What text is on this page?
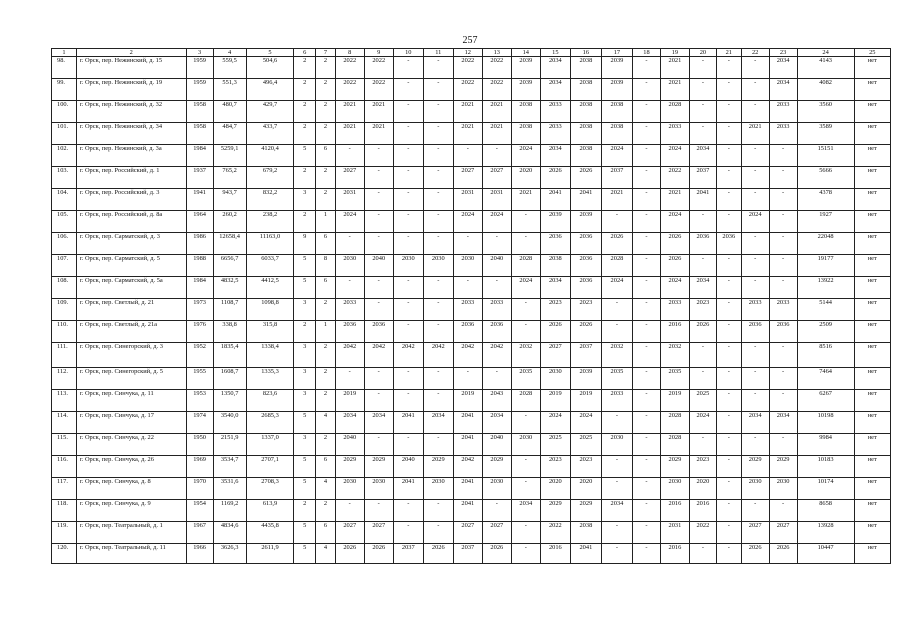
257
1	2	3	4	5	6	7	8	9	10	11	12	13	14	15	16	17	18	19	20	21	22	23	24	25
98.	г. Орск, пер. Нежинский, д. 15	1959	559,5	504,6	2	2	2022	2022	-	-	2022	2022	2039	2034	2038	2039	-	2021	-	-	-	2034	4143	нет
99.	г. Орск, пер. Нежинский, д. 19	1959	551,3	496,4	2	2	2022	2022	-	-	2022	2022	2039	2034	2038	2039	-	2021	-	-	-	2034	4082	нет
100.	г. Орск, пер. Нежинский, д. 32	1958	480,7	429,7	2	2	2021	2021	-	-	2021	2021	2038	2033	2038	2038	-	2028	-	-	-	2033	3560	нет
101.	г. Орск, пер. Нежинский, д. 34	1958	484,7	433,7	2	2	2021	2021	-	-	2021	2021	2038	2033	2038	2038	-	2033	-	-	2021	2033	3589	нет
102.	г. Орск, пер. Нежинский, д. 3а	1984	5259,1	4120,4	5	6	-	-	-	-	-	-	2024	2034	2038	2024	-	2024	2034	-	-	-	15151	нет
103.	г. Орск, пер. Российский, д. 1	1937	765,2	679,2	2	2	2027	-	-	-	2027	2027	2020	2026	2026	2037	-	2022	2037	-	-	-	5666	нет
104.	г. Орск, пер. Российский, д. 3	1941	943,7	832,2	3	2	2031	-	-	-	2031	2031	2021	2041	2041	2021	-	2021	2041	-	-	-	4378	нет
105.	г. Орск, пер. Российский, д. 8а	1964	260,2	238,2	2	1	2024	-	-	-	2024	2024	-	2039	2039	-	-	2024	-	-	2024	-	1927	нет
106.	г. Орск, пер. Сарматский, д. 3	1986	12658,4	11163,0	9	6	-	-	-	-	-	-	-	2036	2036	2026	-	2026	2036	2036	-	-	22048	нет
107.	г. Орск, пер. Сарматский, д. 5	1988	6656,7	6033,7	5	8	2030	2040	2030	2030	2030	2040	2028	2038	2036	2028	-	2026	-	-	-	-	19177	нет
108.	г. Орск, пер. Сарматский, д. 5а	1984	4832,5	4412,5	5	6	-	-	-	-	-	-	2024	2034	2036	2024	-	2024	2034	-	-	-	13922	нет
109.	г. Орск, пер. Светлый, д. 21	1973	1108,7	1098,8	3	2	2033	-	-	-	2033	2033	-	2023	2023	-	-	2033	2023	-	2033	2033	5144	нет
110.	г. Орск, пер. Светлый, д. 21а	1976	338,8	315,8	2	1	2036	2036	-	-	2036	2036	-	2026	2026	-	-	2016	2026	-	2036	2036	2509	нет
111.	г. Орск, пер. Синегорский, д. 3	1952	1835,4	1338,4	3	2	2042	2042	2042	2042	2042	2042	2032	2027	2037	2032	-	2032	-	-	-	-	8516	нет
112.	г. Орск, пер. Синегорский, д. 5	1955	1608,7	1335,3	3	2	-	-	-	-	-	-	2035	2030	2039	2035	-	2035	-	-	-	-	7464	нет
113.	г. Орск, пер. Синчука, д. 11	1953	1350,7	823,6	3	2	2019	-	-	-	2019	2043	2028	2019	2019	2033	-	2019	2025	-	-	-	6267	нет
114.	г. Орск, пер. Синчука, д. 17	1974	3540,0	2685,3	5	4	2034	2034	2041	2034	2041	2034	-	2024	2024	-	-	2028	2024	-	2034	2034	10198	нет
115.	г. Орск, пер. Синчука, д. 22	1950	2151,9	1337,0	3	2	2040	-	-	-	2041	2040	2030	2025	2025	2030	-	2028	-	-	-	-	9984	нет
116.	г. Орск, пер. Синчука, д. 26	1969	3534,7	2707,1	5	6	2029	2029	2040	2029	2042	2029	-	2023	2023	-	-	2029	2023	-	2029	2029	10183	нет
117.	г. Орск, пер. Синчука, д. 8	1970	3531,6	2708,3	5	4	2030	2030	2041	2030	2041	2030	-	2020	2020	-	-	2030	2020	-	2030	2030	10174	нет
118.	г. Орск, пер. Синчука, д. 9	1954	1169,2	613,9	2	2	-	-	-	-	2041	-	2034	2029	2029	2034	-	2016	2016	-	-	-	8658	нет
119.	г. Орск, пер. Театральный, д. 1	1967	4834,6	4435,8	5	6	2027	2027	-	-	2027	2027	-	2022	2038	-	-	2031	2022	-	2027	2027	13928	нет
120.	г. Орск, пер. Театральный, д. 11	1966	3626,3	2611,9	5	4	2026	2026	2037	2026	2037	2026	-	2016	2041	-	-	2016	-	-	2026	2026	10447	нет
